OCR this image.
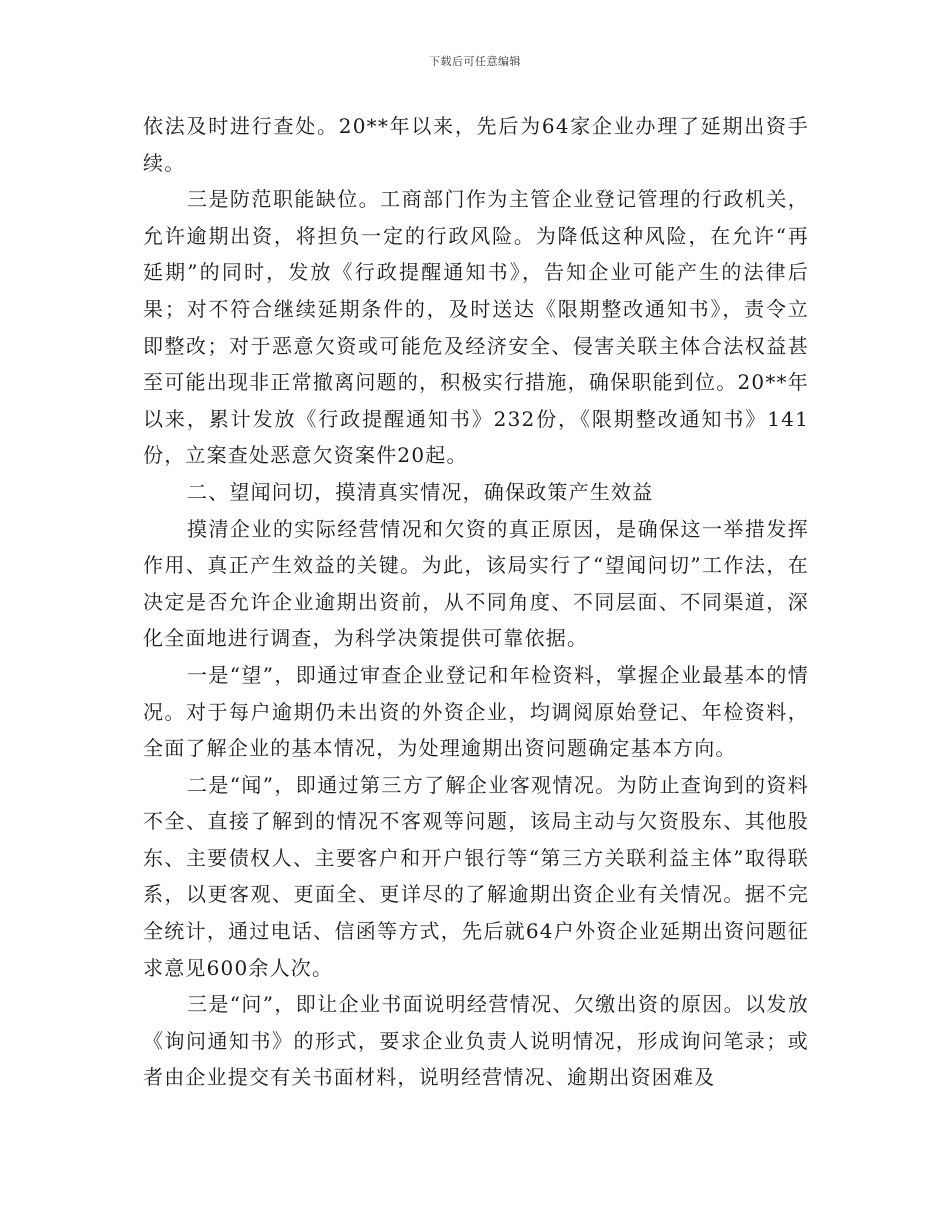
下载后可任意编辑

依法及时进行查处。20**年以来，先后为64家企业办理了延期出资手续。

三是防范职能缺位。工商部门作为主管企业登记管理的行政机关，允许逾期出资，将担负一定的行政风险。为降低这种风险，在允许“再延期”的同时，发放《行政提醒通知书》，告知企业可能产生的法律后果；对不符合继续延期条件的，及时送达《限期整改通知书》，责令立即整改；对于恶意欠资或可能危及经济安全、侵害关联主体合法权益甚至可能出现非正常撤离问题的，积极实行措施，确保职能到位。20**年以来，累计发放《行政提醒通知书》232份，《限期整改通知书》141份，立案查处恶意欠资案件20起。

二、望闻问切，摸清真实情况，确保政策产生效益

摸清企业的实际经营情况和欠资的真正原因，是确保这一举措发挥作用、真正产生效益的关键。为此，该局实行了“望闻问切”工作法，在决定是否允许企业逾期出资前，从不同角度、不同层面、不同渠道，深化全面地进行调查，为科学决策提供可靠依据。

一是“望”，即通过审查企业登记和年检资料，掌握企业最基本的情况。对于每户逾期仍未出资的外资企业，均调阅原始登记、年检资料，全面了解企业的基本情况，为处理逾期出资问题确定基本方向。

二是“闻”，即通过第三方了解企业客观情况。为防止查询到的资料不全、直接了解到的情况不客观等问题，该局主动与欠资股东、其他股东、主要债权人、主要客户和开户银行等“第三方关联利益主体”取得联系，以更客观、更面全、更详尽的了解逾期出资企业有关情况。据不完全统计，通过电话、信函等方式，先后就64户外资企业延期出资问题征求意见600余人次。

三是“问”，即让企业书面说明经营情况、欠缴出资的原因。以发放《询问通知书》的形式，要求企业负责人说明情况，形成询问笔录；或者由企业提交有关书面材料，说明经营情况、逾期出资困难及
